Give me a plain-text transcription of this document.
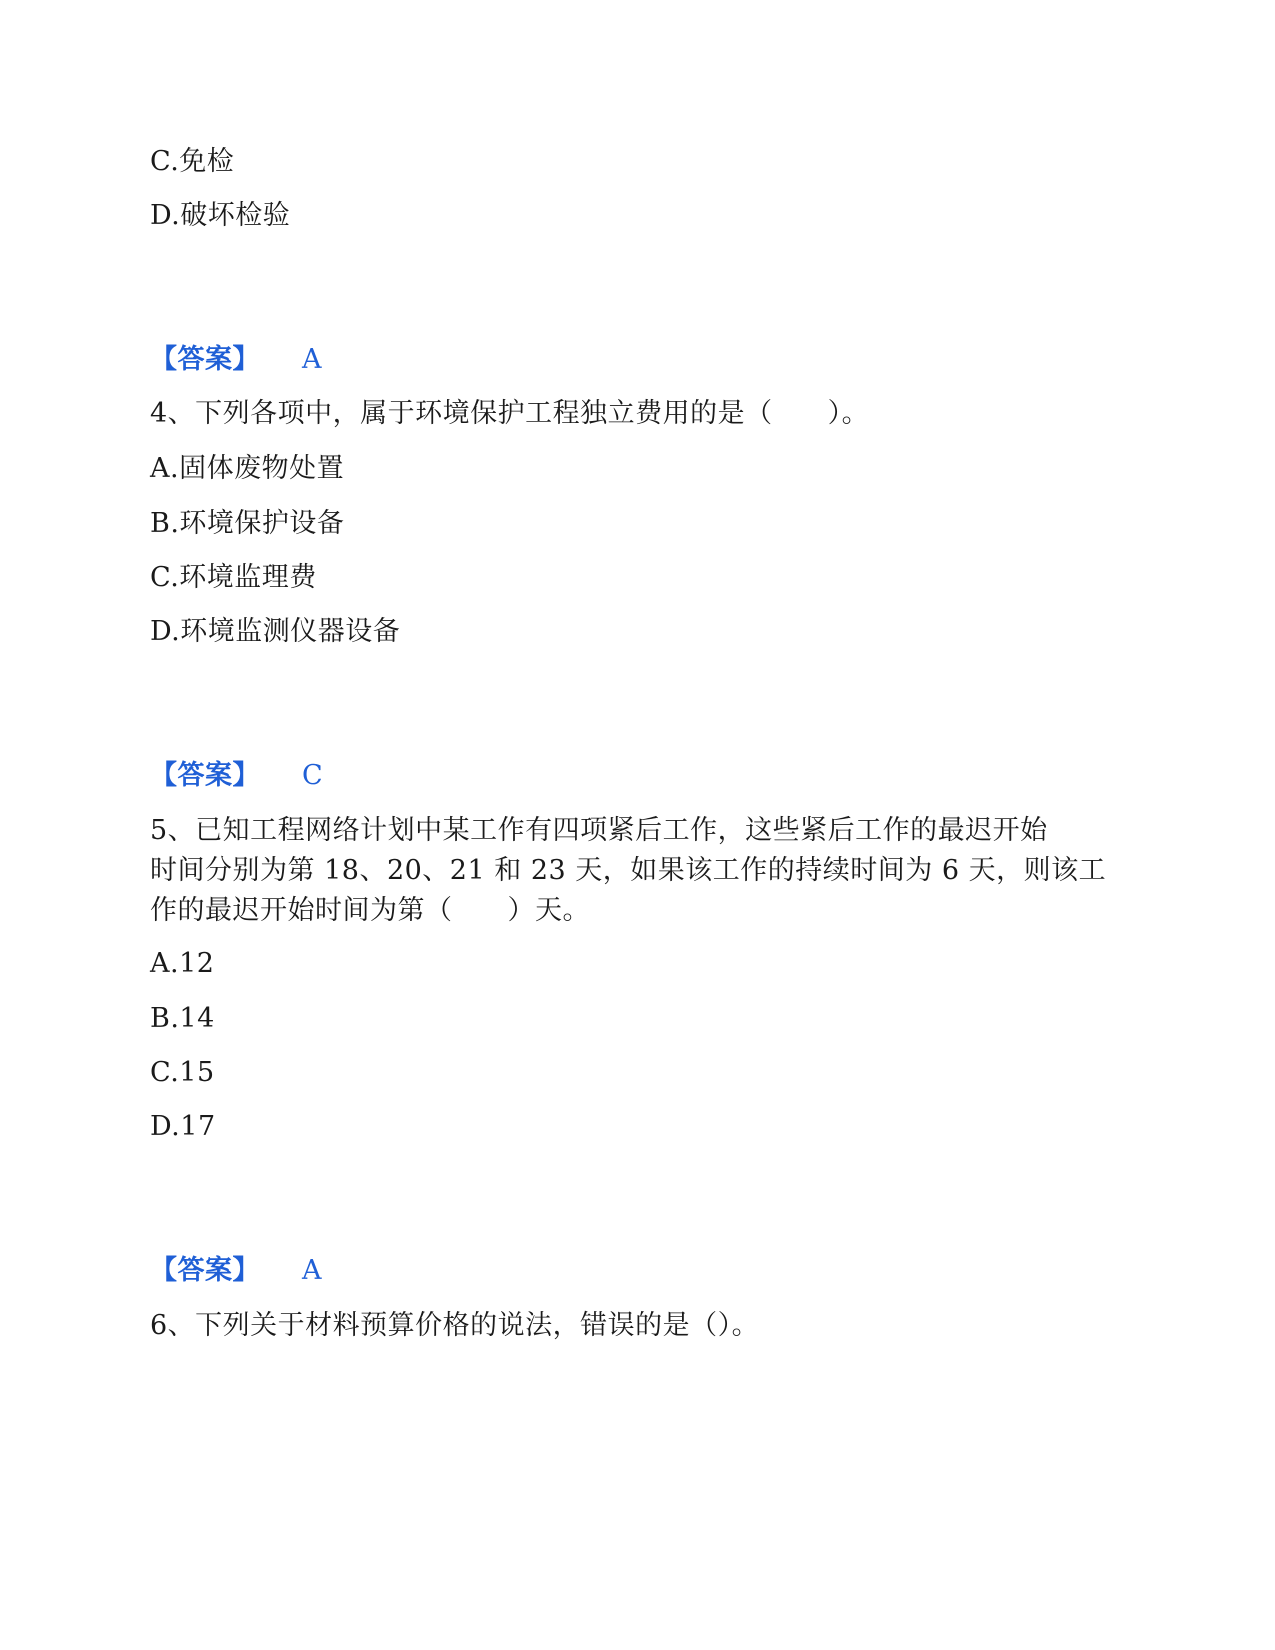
C.免检
D.破坏检验
【答案】 A
4、下列各项中，属于环境保护工程独立费用的是（　　）。
A.固体废物处置
B.环境保护设备
C.环境监理费
D.环境监测仪器设备
【答案】 C
5、已知工程网络计划中某工作有四项紧后工作，这些紧后工作的最迟开始
时间分别为第 18、20、21 和 23 天，如果该工作的持续时间为 6 天，则该工
作的最迟开始时间为第（　　）天。
A.12
B.14
C.15
D.17
【答案】 A
6、下列关于材料预算价格的说法，错误的是（）。
